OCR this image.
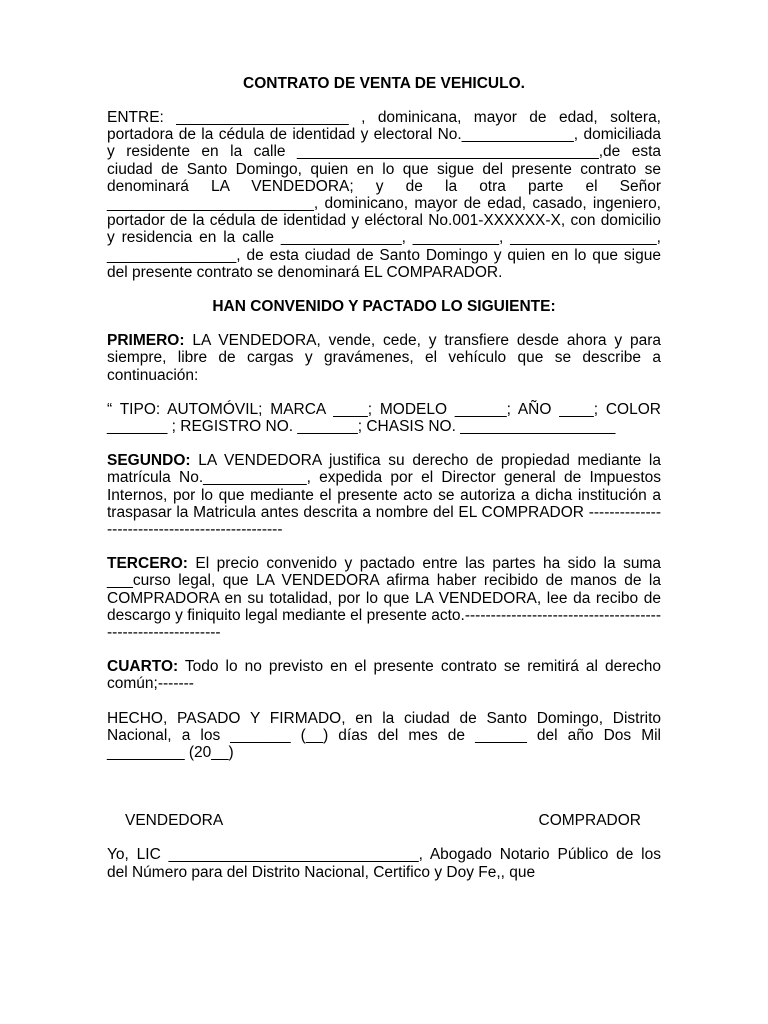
CONTRATO DE VENTA DE VEHICULO.

ENTRE: ____________________ , dominicana, mayor de edad, soltera, portadora de la cédula de identidad y electoral No._____________, domiciliada y residente en la calle ___________________________________,de esta ciudad de Santo Domingo, quien en lo que sigue del presente contrato se denominará LA VENDEDORA; y de la otra parte el Señor ________________________, dominicano, mayor de edad, casado, ingeniero, portador de la cédula de identidad y eléctoral No.001-XXXXXX-X, con domicilio y residencia en la calle ______________, __________, _________________, _______________, de esta ciudad de Santo Domingo y quien en lo que sigue del presente contrato se denominará EL COMPARADOR.

HAN CONVENIDO Y PACTADO LO SIGUIENTE:

PRIMERO: LA VENDEDORA, vende, cede, y transfiere desde ahora y para siempre, libre de cargas y gravámenes, el vehículo que se describe a continuación:

“ TIPO: AUTOMÓVIL; MARCA ____; MODELO ______; AÑO ____; COLOR _______ ; REGISTRO NO. _______; CHASIS NO. __________________

SEGUNDO: LA VENDEDORA justifica su derecho de propiedad mediante la matrícula No.____________, expedida por el Director general de Impuestos Internos, por lo que mediante el presente acto se autoriza a dicha institución a traspasar la Matricula antes descrita a nombre del EL COMPRADOR ------------------------------------------------

TERCERO: El precio convenido y pactado entre las partes ha sido la suma ___curso legal, que LA VENDEDORA afirma haber recibido de manos de la COMPRADORA en su totalidad, por lo que LA VENDEDORA, lee da recibo de descargo y finiquito legal mediante el presente acto.------------------------------------------------------------

CUARTO: Todo lo no previsto en el presente contrato se remitirá al derecho común;-------

HECHO, PASADO Y FIRMADO, en la ciudad de Santo Domingo, Distrito Nacional, a los _______ (__) días del mes de ______ del año Dos Mil _________ (20__)

VENDEDORA	COMPRADOR

Yo, LIC _____________________________, Abogado Notario Público de los del Número para del Distrito Nacional, Certifico y Doy Fe,, que
